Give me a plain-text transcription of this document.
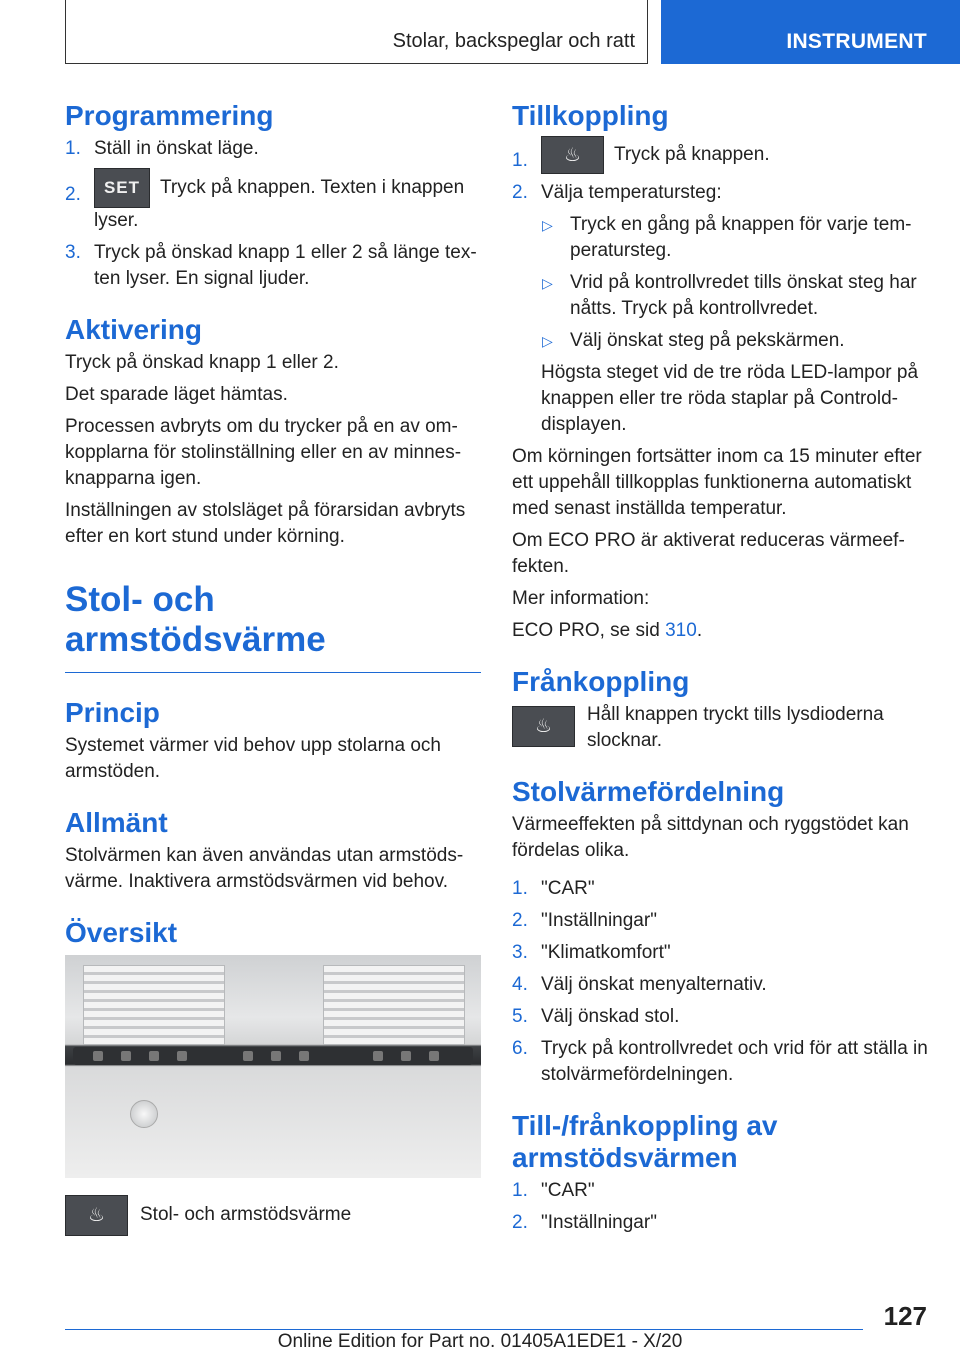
Stolar, backspeglar och ratt	INSTRUMENT
Programmering
1. Ställ in önskat läge.
2. SET Tryck på knappen. Texten i knappen lyser.
3. Tryck på önskad knapp 1 eller 2 så länge texten lyser. En signal ljuder.
Aktivering

Tryck på önskad knapp 1 eller 2.

Det sparade läget hämtas.

Processen avbryts om du trycker på en av omkopplarna för stolinställning eller en av minnesknapparna igen.

Inställningen av stolsläget på förarsidan avbryts efter en kort stund under körning.

Stol- och armstödsvärme
Princip

Systemet värmer vid behov upp stolarna och armstöden.

Allmänt

Stolvärmen kan även användas utan armstödsvärme. Inaktivera armstödsvärmen vid behov.

Översikt
♨	Stol- och armstödsvärme
Tillkoppling
1. ♨ Tryck på knappen.
2. Välja temperatursteg:
▷ Tryck en gång på knappen för varje temperatursteg.
▷ Vrid på kontrollvredet tills önskat steg har nåtts. Tryck på kontrollvredet.
▷ Välj önskat steg på pekskärmen.
Högsta steget vid de tre röda LED-lampor på knappen eller tre röda staplar på Controlddisplayen.

Om körningen fortsätter inom ca 15 minuter efter ett uppehåll tillkopplas funktionerna automatiskt med senast inställda temperatur.

Om ECO PRO är aktiverat reduceras värmeeffekten.

Mer information:

ECO PRO, se sid 310.

Frånkoppling
♨
Håll knappen tryckt tills lysdioderna slocknar.
Stolvärmefördelning

Värmeeffekten på sittdynan och ryggstödet kan fördelas olika.

1. "CAR"
2. "Inställningar"
3. "Klimatkomfort"
4. Välj önskat menyalternativ.
5. Välj önskad stol.
6. Tryck på kontrollvredet och vrid för att ställa in stolvärmefördelningen.
Till-/frånkoppling av armstödsvärmen
1. "CAR"
2. "Inställningar"
127
Online Edition for Part no. 01405A1EDE1 - X/20
